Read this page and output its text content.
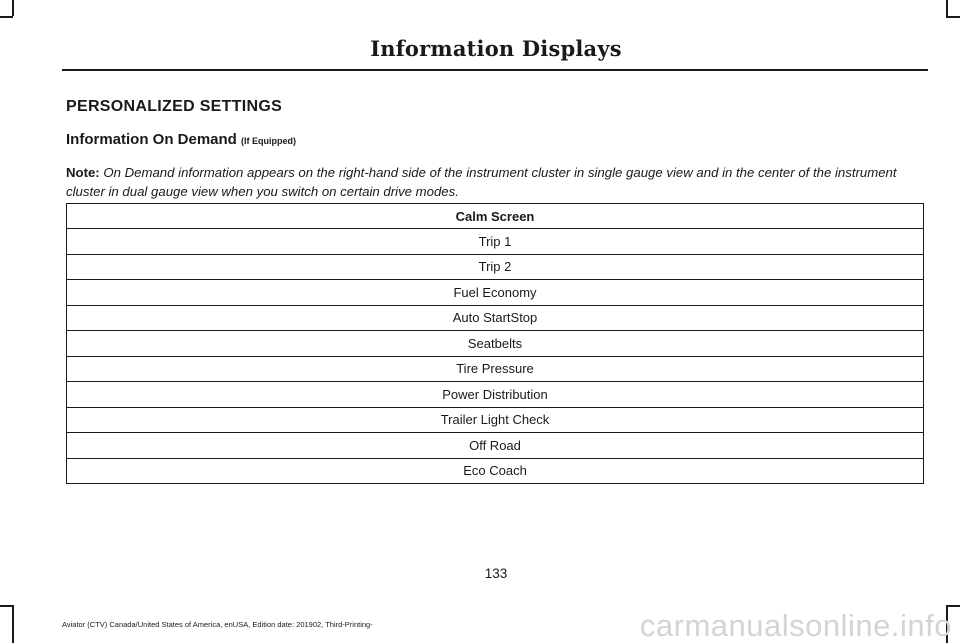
Information Displays
PERSONALIZED SETTINGS
Information On Demand (If Equipped)
Note: On Demand information appears on the right-hand side of the instrument cluster in single gauge view and in the center of the instrument cluster in dual gauge view when you switch on certain drive modes.
Calm Screen
Trip 1
Trip 2
Fuel Economy
Auto StartStop
Seatbelts
Tire Pressure
Power Distribution
Trailer Light Check
Off Road
Eco Coach
133
Aviator (CTV) Canada/United States of America, enUSA, Edition date: 201902, Third-Printing-	carmanualsonline.info
